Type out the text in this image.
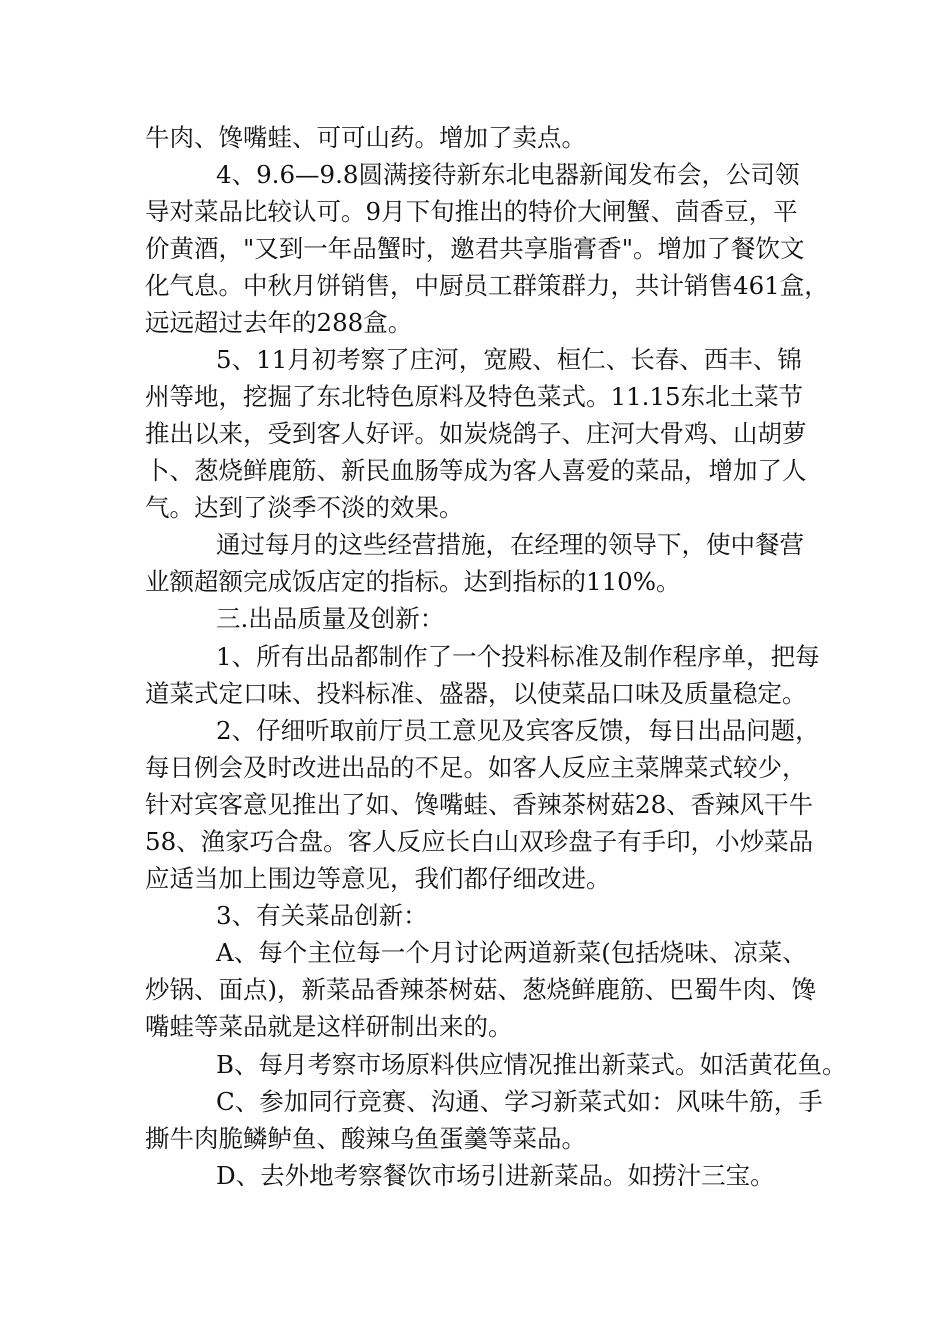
牛肉、馋嘴蛙、可可山药。增加了卖点。
4、9.6—9.8圆满接待新东北电器新闻发布会，公司领
导对菜品比较认可。9月下旬推出的特价大闸蟹、茴香豆，平
价黄酒，"又到一年品蟹时，邀君共享脂膏香"。增加了餐饮文
化气息。中秋月饼销售，中厨员工群策群力，共计销售461盒，
远远超过去年的288盒。
5、11月初考察了庄河，宽殿、桓仁、长春、西丰、锦
州等地，挖掘了东北特色原料及特色菜式。11.15东北土菜节
推出以来，受到客人好评。如炭烧鸽子、庄河大骨鸡、山胡萝
卜、葱烧鲜鹿筋、新民血肠等成为客人喜爱的菜品，增加了人
气。达到了淡季不淡的效果。
通过每月的这些经营措施，在经理的领导下，使中餐营
业额超额完成饭店定的指标。达到指标的110%。
三.出品质量及创新：
1、所有出品都制作了一个投料标准及制作程序单，把每
道菜式定口味、投料标准、盛器，以使菜品口味及质量稳定。
2、仔细听取前厅员工意见及宾客反馈，每日出品问题，
每日例会及时改进出品的不足。如客人反应主菜牌菜式较少，
针对宾客意见推出了如、馋嘴蛙、香辣茶树菇28、香辣风干牛
58、渔家巧合盘。客人反应长白山双珍盘子有手印，小炒菜品
应适当加上围边等意见，我们都仔细改进。
3、有关菜品创新：
A、每个主位每一个月讨论两道新菜(包括烧味、凉菜、
炒锅、面点)，新菜品香辣茶树菇、葱烧鲜鹿筋、巴蜀牛肉、馋
嘴蛙等菜品就是这样研制出来的。
B、每月考察市场原料供应情况推出新菜式。如活黄花鱼。
C、参加同行竞赛、沟通、学习新菜式如：风味牛筋，手
撕牛肉脆鳞鲈鱼、酸辣乌鱼蛋羹等菜品。
D、去外地考察餐饮市场引进新菜品。如捞汁三宝。
